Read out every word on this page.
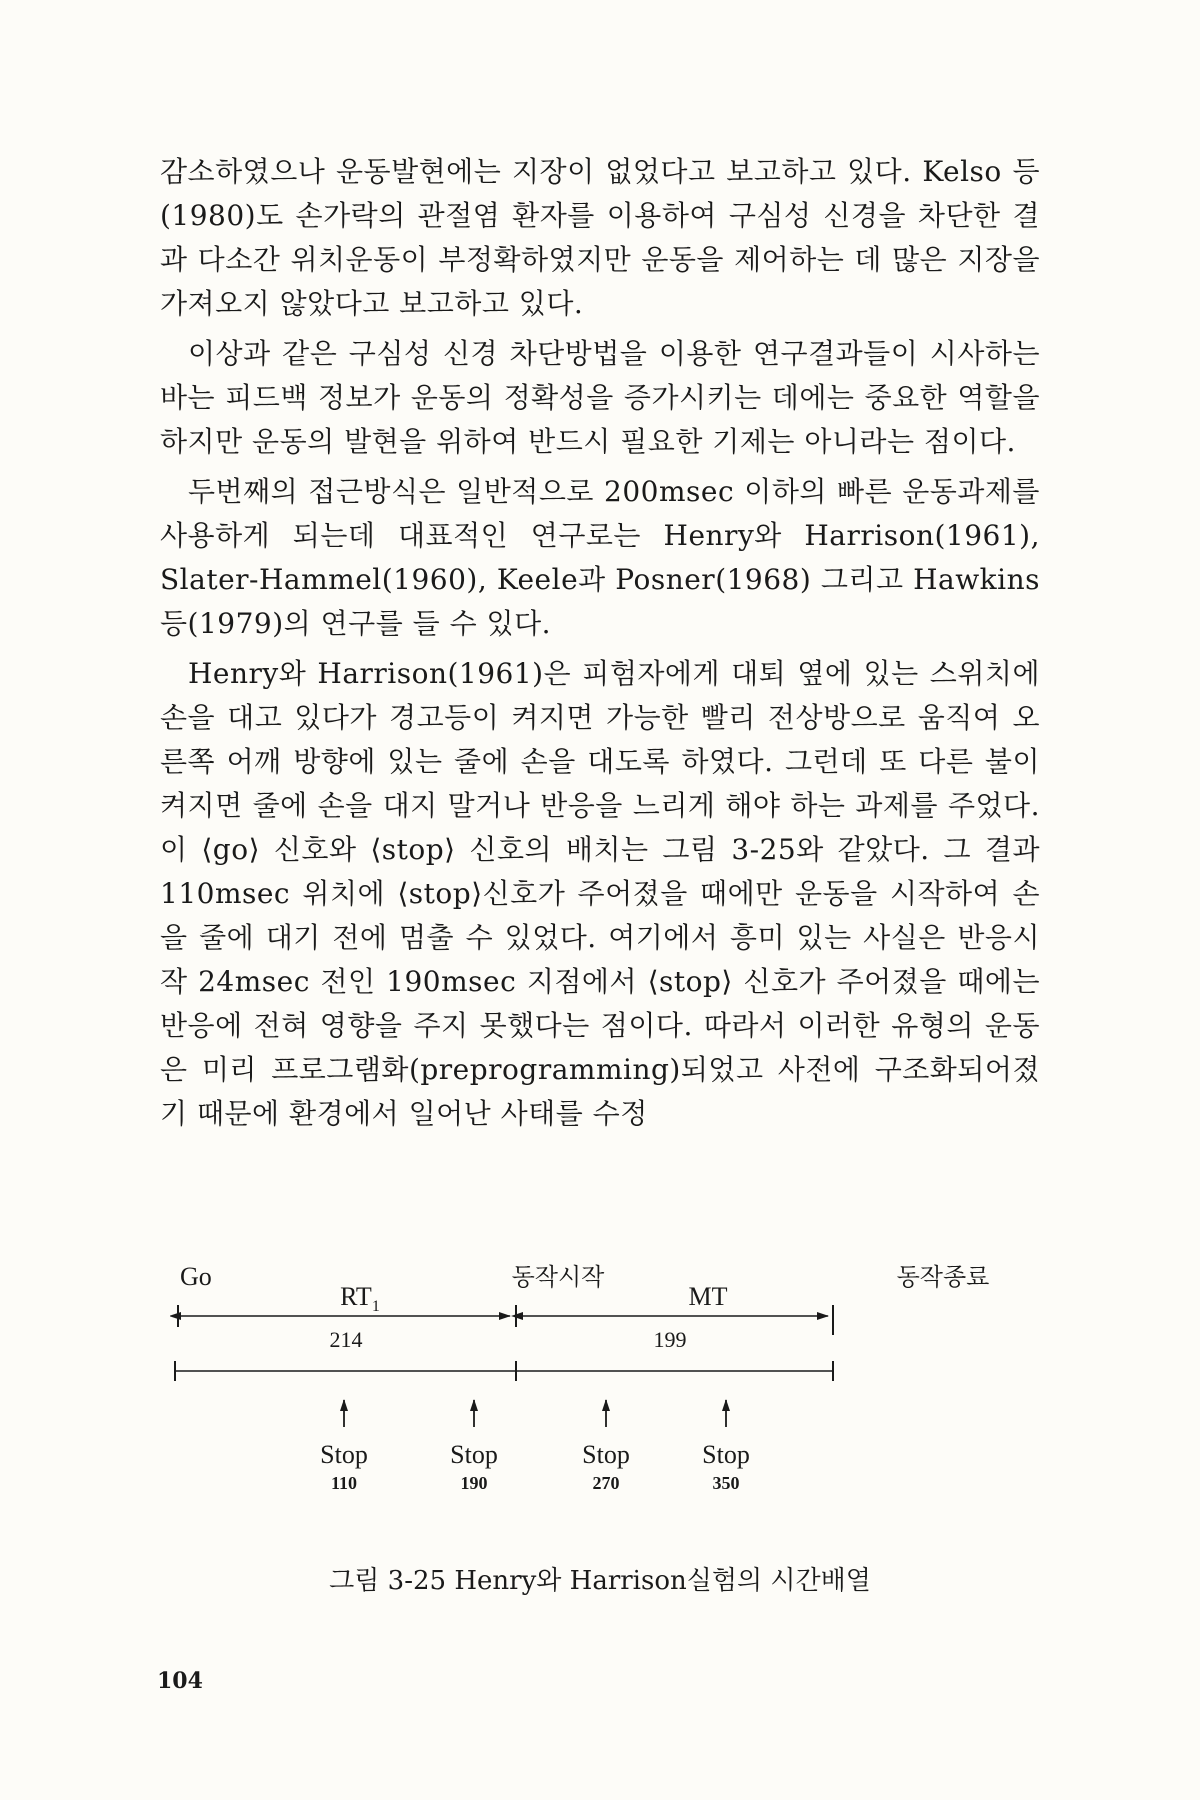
감소하였으나 운동발현에는 지장이 없었다고 보고하고 있다. Kelso 등(1980)도 손가락의 관절염 환자를 이용하여 구심성 신경을 차단한 결과 다소간 위치운동이 부정확하였지만 운동을 제어하는 데 많은 지장을 가져오지 않았다고 보고하고 있다.

이상과 같은 구심성 신경 차단방법을 이용한 연구결과들이 시사하는 바는 피드백 정보가 운동의 정확성을 증가시키는 데에는 중요한 역할을 하지만 운동의 발현을 위하여 반드시 필요한 기제는 아니라는 점이다.

두번째의 접근방식은 일반적으로 200msec 이하의 빠른 운동과제를 사용하게 되는데 대표적인 연구로는 Henry와 Harrison(1961), Slater-Hammel(1960), Keele과 Posner(1968) 그리고 Hawkins 등(1979)의 연구를 들 수 있다.

Henry와 Harrison(1961)은 피험자에게 대퇴 옆에 있는 스위치에 손을 대고 있다가 경고등이 켜지면 가능한 빨리 전상방으로 움직여 오른쪽 어깨 방향에 있는 줄에 손을 대도록 하였다. 그런데 또 다른 불이 켜지면 줄에 손을 대지 말거나 반응을 느리게 해야 하는 과제를 주었다. 이 ⟨go⟩ 신호와 ⟨stop⟩ 신호의 배치는 그림 3-25와 같았다. 그 결과 110msec 위치에 ⟨stop⟩신호가 주어졌을 때에만 운동을 시작하여 손을 줄에 대기 전에 멈출 수 있었다. 여기에서 흥미 있는 사실은 반응시작 24msec 전인 190msec 지점에서 ⟨stop⟩ 신호가 주어졌을 때에는 반응에 전혀 영향을 주지 못했다는 점이다. 따라서 이러한 유형의 운동은 미리 프로그램화(preprogramming)되었고 사전에 구조화되어졌기 때문에 환경에서 일어난 사태를 수정

Go
$RT_1$
동작시작
MT
동작종료
214	199
Stop
110
Stop
190
Stop
270
Stop
350
그림 3-25 Henry와 Harrison실험의 시간배열
104
